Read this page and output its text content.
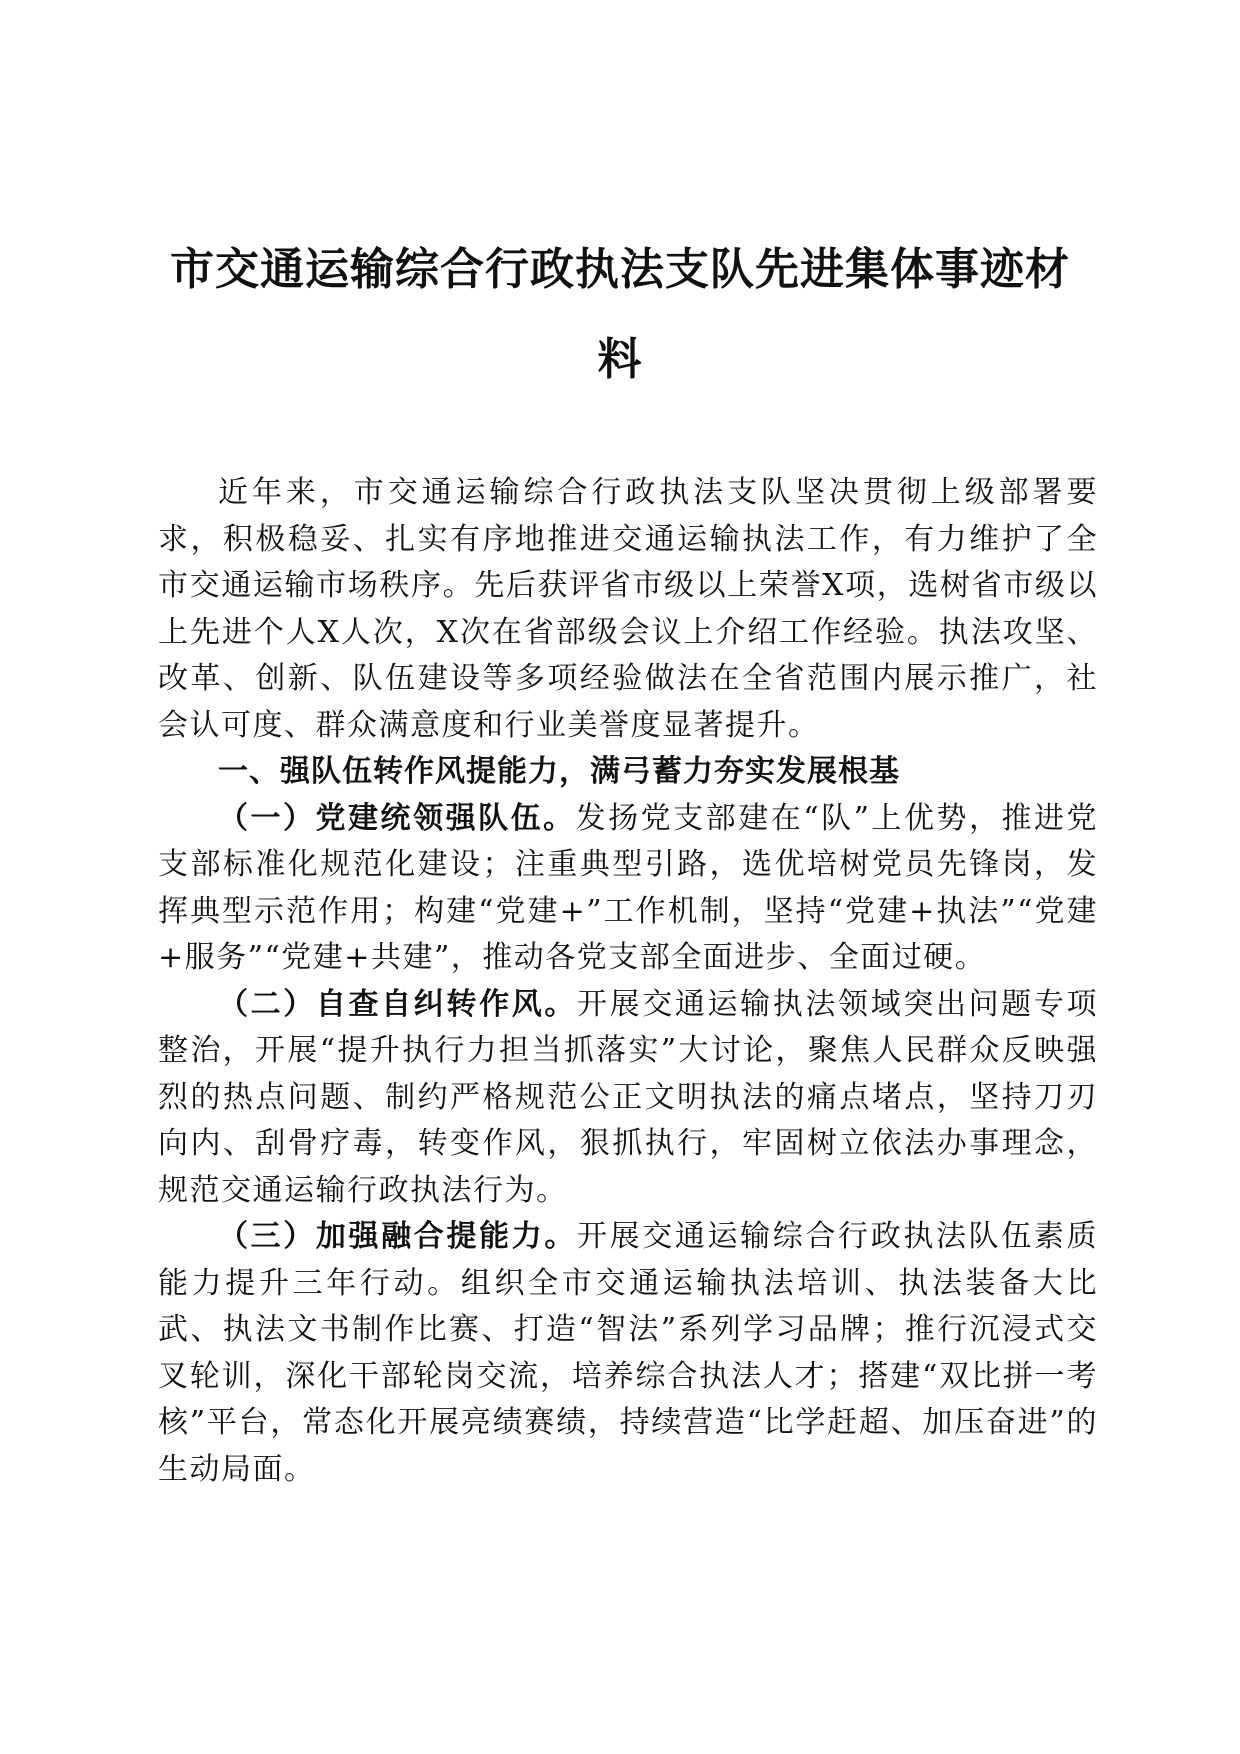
市交通运输综合行政执法支队先进集体事迹材
料

近年来，市交通运输综合行政执法支队坚决贯彻上级部署要求，积极稳妥、扎实有序地推进交通运输执法工作，有力维护了全市交通运输市场秩序。先后获评省市级以上荣誉X项，选树省市级以上先进个人X人次，X次在省部级会议上介绍工作经验。执法攻坚、改革、创新、队伍建设等多项经验做法在全省范围内展示推广，社会认可度、群众满意度和行业美誉度显著提升。

一、强队伍转作风提能力，满弓蓄力夯实发展根基

（一）党建统领强队伍。发扬党支部建在“队”上优势，推进党支部标准化规范化建设；注重典型引路，选优培树党员先锋岗，发挥典型示范作用；构建“党建+”工作机制，坚持“党建+执法”“党建+服务”“党建+共建”，推动各党支部全面进步、全面过硬。

（二）自查自纠转作风。开展交通运输执法领域突出问题专项整治，开展“提升执行力担当抓落实”大讨论，聚焦人民群众反映强烈的热点问题、制约严格规范公正文明执法的痛点堵点，坚持刀刃向内、刮骨疗毒，转变作风，狠抓执行，牢固树立依法办事理念，规范交通运输行政执法行为。

（三）加强融合提能力。开展交通运输综合行政执法队伍素质能力提升三年行动。组织全市交通运输执法培训、执法装备大比武、执法文书制作比赛、打造“智法”系列学习品牌；推行沉浸式交叉轮训，深化干部轮岗交流，培养综合执法人才；搭建“双比拼一考核”平台，常态化开展亮绩赛绩，持续营造“比学赶超、加压奋进”的生动局面。
